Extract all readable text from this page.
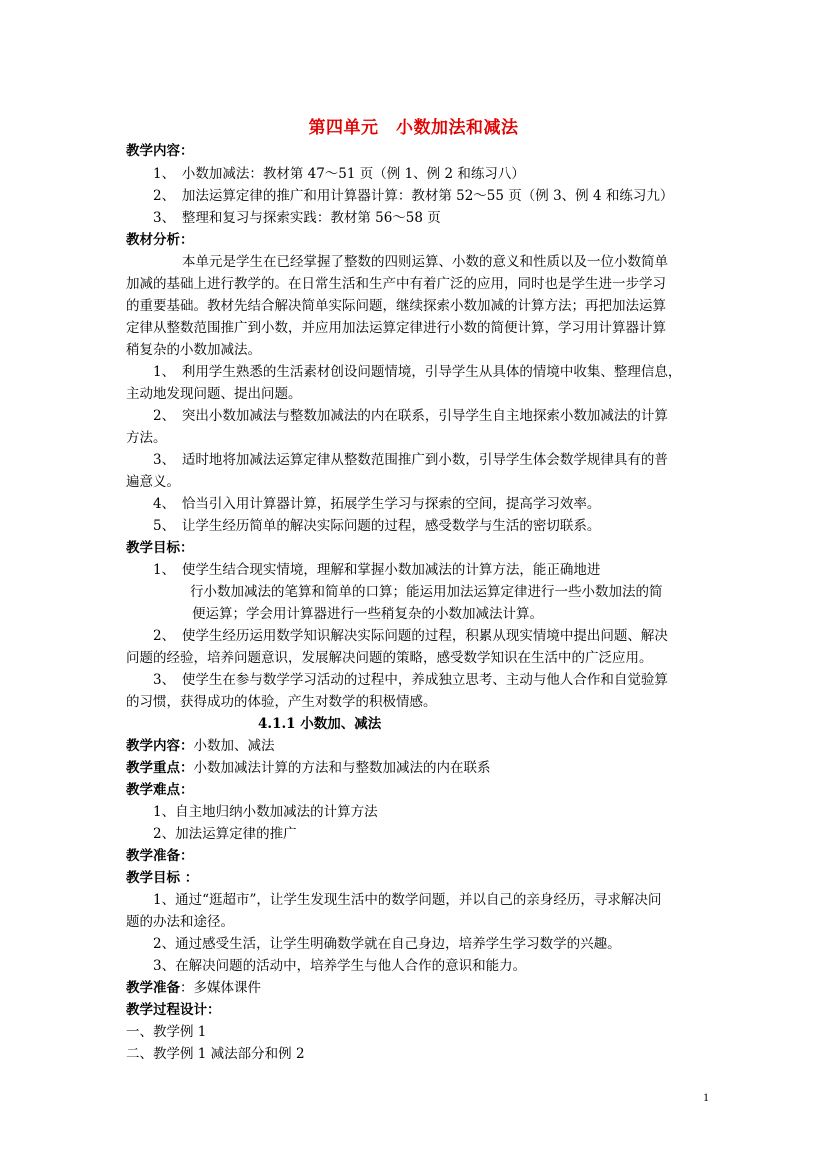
第四单元　小数加法和减法
教学内容：
1、　小数加减法：教材第 47～51 页（例 1、例 2 和练习八）
2、　加法运算定律的推广和用计算器计算：教材第 52～55 页（例 3、例 4 和练习九）
3、　整理和复习与探索实践：教材第 56～58 页
教材分析：
本单元是学生在已经掌握了整数的四则运算、小数的意义和性质以及一位小数简单
加减的基础上进行教学的。在日常生活和生产中有着广泛的应用，同时也是学生进一步学习
的重要基础。教材先结合解决简单实际问题，继续探索小数加减的计算方法；再把加法运算
定律从整数范围推广到小数，并应用加法运算定律进行小数的简便计算，学习用计算器计算
稍复杂的小数加减法。
1、　利用学生熟悉的生活素材创设问题情境，引导学生从具体的情境中收集、整理信息，
主动地发现问题、提出问题。
2、　突出小数加减法与整数加减法的内在联系，引导学生自主地探索小数加减法的计算
方法。
3、　适时地将加减法运算定律从整数范围推广到小数，引导学生体会数学规律具有的普
遍意义。
4、　恰当引入用计算器计算，拓展学生学习与探索的空间，提高学习效率。
5、　让学生经历简单的解决实际问题的过程，感受数学与生活的密切联系。
教学目标：
1、　使学生结合现实情境，理解和掌握小数加减法的计算方法，能正确地进
行小数加减法的笔算和简单的口算；能运用加法运算定律进行一些小数加法的简
便运算；学会用计算器进行一些稍复杂的小数加减法计算。
2、　使学生经历运用数学知识解决实际问题的过程，积累从现实情境中提出问题、解决
问题的经验，培养问题意识，发展解决问题的策略，感受数学知识在生活中的广泛应用。
3、　使学生在参与数学学习活动的过程中，养成独立思考、主动与他人合作和自觉验算
的习惯，获得成功的体验，产生对数学的积极情感。
4.1.1 小数加、减法
教学内容：小数加、减法
教学重点：小数加减法计算的方法和与整数加减法的内在联系
教学难点：
1、自主地归纳小数加减法的计算方法
2、加法运算定律的推广
教学准备：
教学目标 ：
1、通过“逛超市”，让学生发现生活中的数学问题，并以自己的亲身经历，寻求解决问
题的办法和途径。
2、通过感受生活，让学生明确数学就在自己身边，培养学生学习数学的兴趣。
3、在解决问题的活动中，培养学生与他人合作的意识和能力。
教学准备：多媒体课件
教学过程设计：
一、教学例 1
二、教学例 1 减法部分和例 2
1
